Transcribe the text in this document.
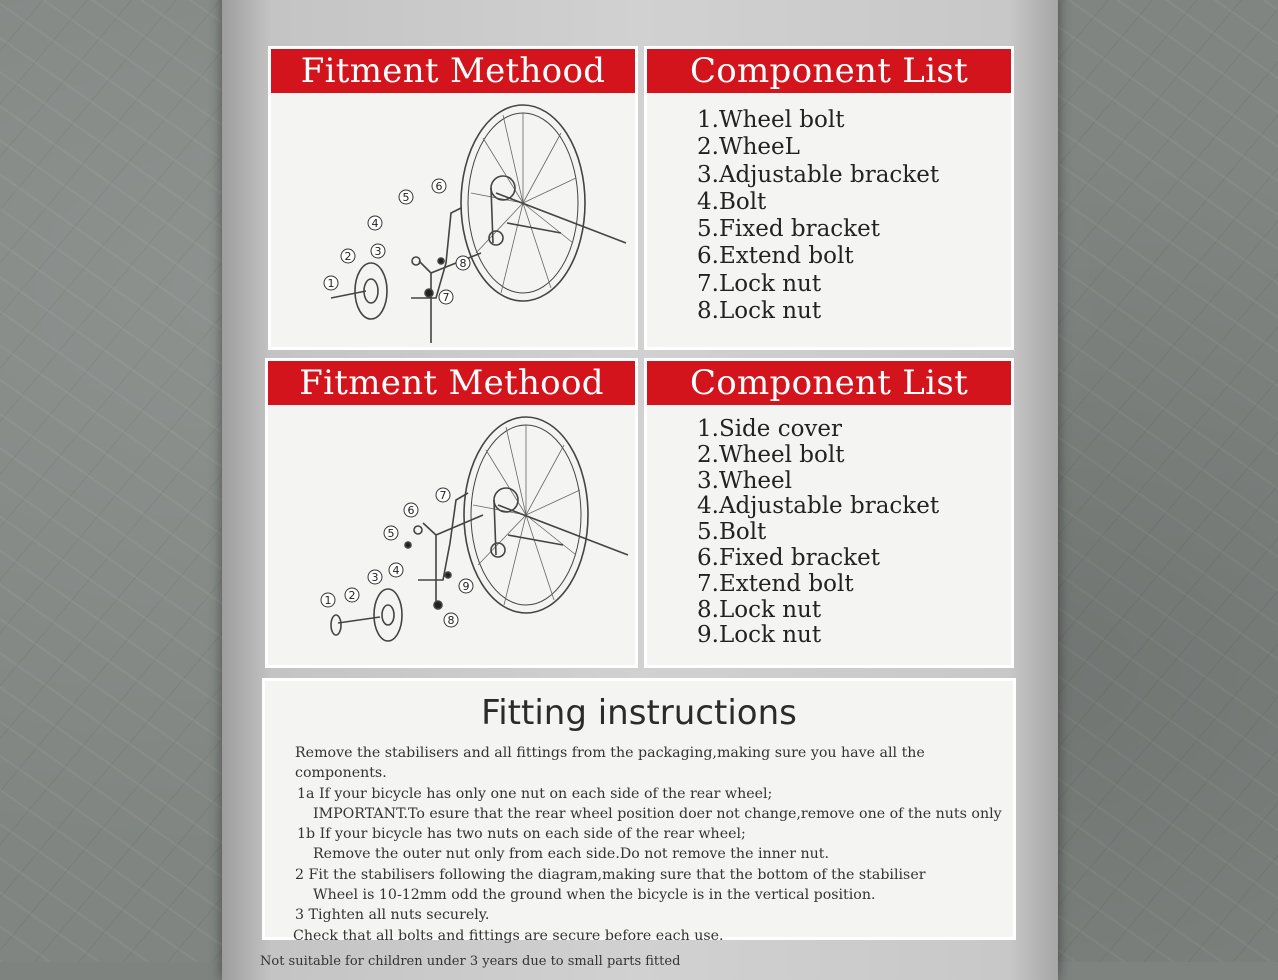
Fitment Methood
1
2 3
4
5
6
7
8
Component List
1.Wheel bolt
2.WheeL
3.Adjustable bracket
4.Bolt
5.Fixed bracket
6.Extend bolt
7.Lock nut
8.Lock nut
Fitment Methood
1 2
3
4
5
6
7
8
9
Component List
1.Side cover
2.Wheel bolt
3.Wheel
4.Adjustable bracket
5.Bolt
6.Fixed bracket
7.Extend bolt
8.Lock nut
9.Lock nut
Fitting instructions
Remove the stabilisers and all fittings from the packaging,making sure you have all the components.
1a If your bicycle has only one nut on each side of the rear wheel;
IMPORTANT.To esure that the rear wheel position doer not change,remove one of the nuts only
1b If your bicycle has two nuts on each side of the rear wheel;
Remove the outer nut only from each side.Do not remove the inner nut.
2 Fit the stabilisers following the diagram,making sure that the bottom of the stabiliser
Wheel is 10-12mm odd the ground when the bicycle is in the vertical position.
3 Tighten all nuts securely.
Check that all bolts and fittings are secure before each use.
Not suitable for children under 3 years due to small parts fitted
